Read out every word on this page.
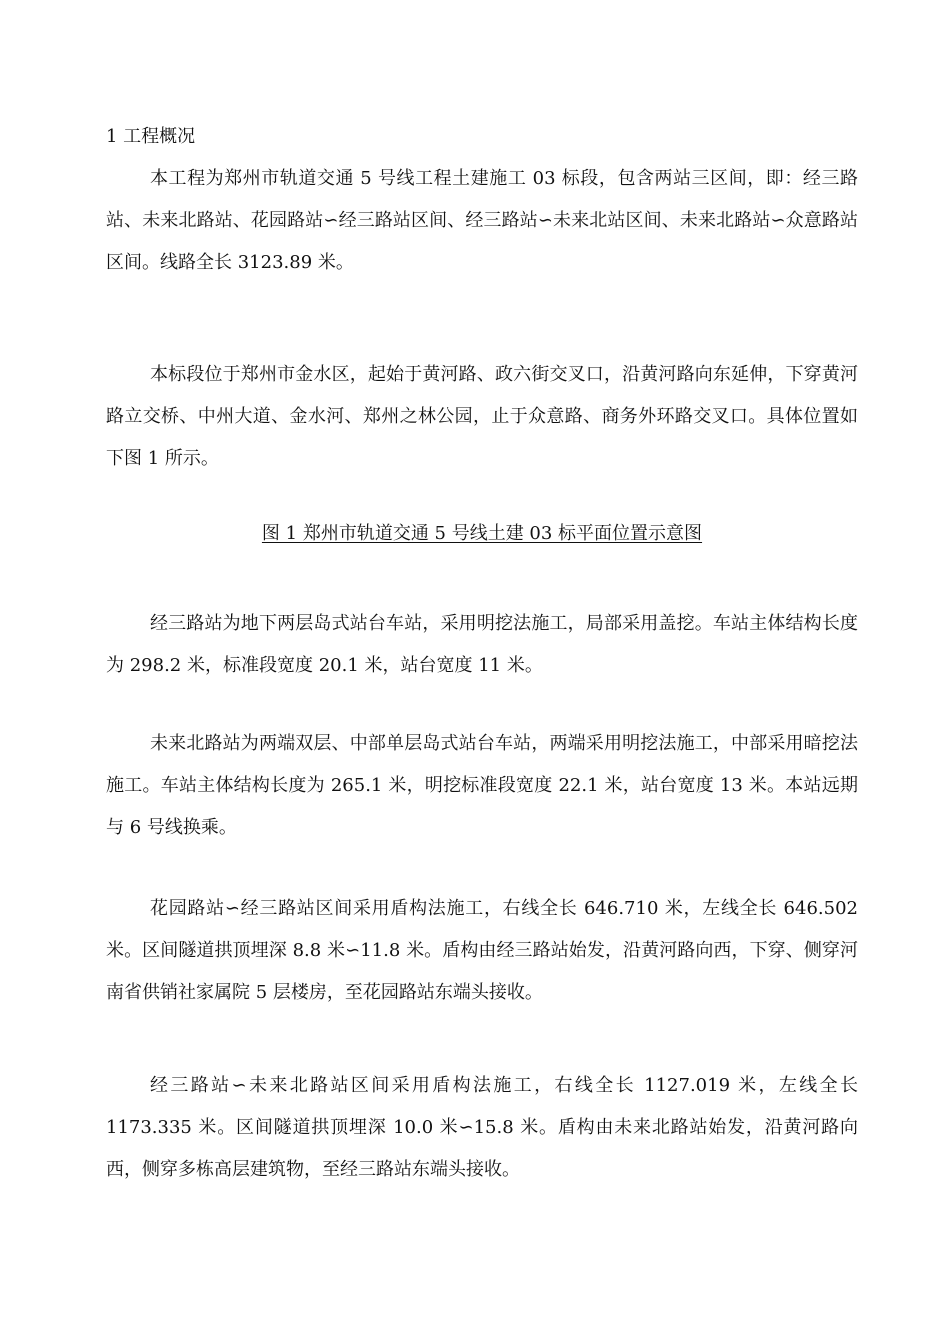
1 工程概况

本工程为郑州市轨道交通 5 号线工程土建施工 03 标段，包含两站三区间，即：经三路站、未来北路站、花园路站∽经三路站区间、经三路站∽未来北站区间、未来北路站∽众意路站区间。线路全长 3123.89 米。

本标段位于郑州市金水区，起始于黄河路、政六街交叉口，沿黄河路向东延伸，下穿黄河路立交桥、中州大道、金水河、郑州之林公园，止于众意路、商务外环路交叉口。具体位置如下图 1 所示。

图 1 郑州市轨道交通 5 号线土建 03 标平面位置示意图

经三路站为地下两层岛式站台车站，采用明挖法施工，局部采用盖挖。车站主体结构长度为 298.2 米，标准段宽度 20.1 米，站台宽度 11 米。

未来北路站为两端双层、中部单层岛式站台车站，两端采用明挖法施工，中部采用暗挖法施工。车站主体结构长度为 265.1 米，明挖标准段宽度 22.1 米，站台宽度 13 米。本站远期与 6 号线换乘。

花园路站∽经三路站区间采用盾构法施工，右线全长 646.710 米，左线全长 646.502 米。区间隧道拱顶埋深 8.8 米∽11.8 米。盾构由经三路站始发，沿黄河路向西，下穿、侧穿河南省供销社家属院 5 层楼房，至花园路站东端头接收。

经三路站∽未来北路站区间采用盾构法施工，右线全长 1127.019 米，左线全长 1173.335 米。区间隧道拱顶埋深 10.0 米∽15.8 米。盾构由未来北路站始发，沿黄河路向西，侧穿多栋高层建筑物，至经三路站东端头接收。
